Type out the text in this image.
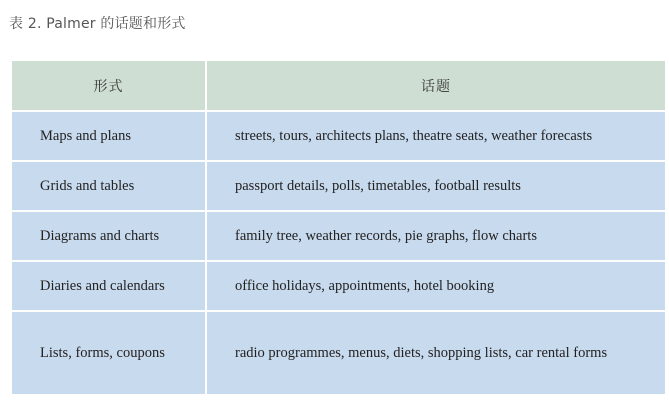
表 2. Palmer 的话题和形式
形式	话题
Maps and plans	streets, tours, architects plans, theatre seats, weather forecasts
Grids and tables	passport details, polls, timetables, football results
Diagrams and charts	family tree, weather records, pie graphs, flow charts
Diaries and calendars	office holidays, appointments, hotel booking
Lists, forms, coupons	radio programmes, menus, diets, shopping lists, car rental forms
